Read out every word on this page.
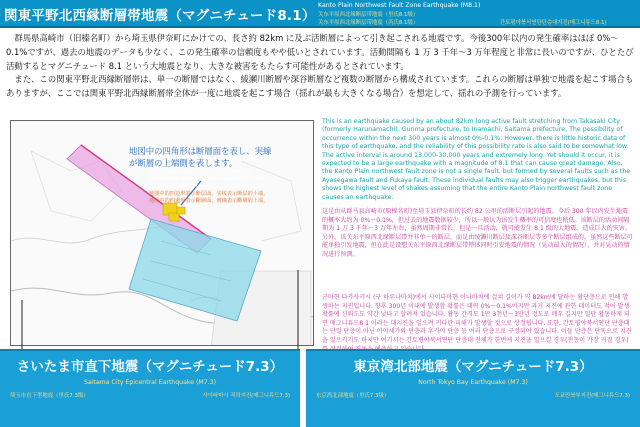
関東平野北西縁断層帯地震（マグニチュード8.1）
Kanto Plain Northwest Fault Zone Earthquake (M8.1)
关东平原西北缘断层带地震（里氏8.1级）
关东平原西北缘断层带地震（芮氏8.1级）	간토평야북서연단단층대지진(매그니튜드8.1)

群馬県高崎市（旧榛名町）から埼玉県伊奈町にかけての、長さ約 82km に及ぶ活断層によって引き起こされる地震です。今後300年以内の発生確率はほぼ 0%～0.1%ですが、過去の地震のデータも少なく、この発生確率の信頼度もやや低いとされています。活動間隔も 1 万 3 千年～3 万年程度と非常に長いのですが、ひとたび活動するとマグニチュード 8.1 という大地震となり、大きな被害をもたらす可能性があるとされています。

また、この関東平野北西縁断層帯は、単一の断層ではなく、綾瀬川断層や深谷断層など複数の断層から構成されています。これらの断層は単独で地震を起こす場合もありますが、ここでは関東平野北西縁断層帯全体が一度に地震を起こす場合（揺れが最も大きくなる場合）を想定して、揺れの予測を行っています。

地図中の四角形は断層面を表し、実線が断層の上端側を表します。
The squares in the map represent fault planes, and the solid lines represent the top section of the fault.
地图中的四边形表示断层面，实线表示断层的上端。 地図中的四邊形表示斷層面，實線表示斷層的上端。
This is an earthquake caused by an about 82km long active fault stretching from Takasaki City (formerly Harunamachi), Gunma prefecture, to Inamachi, Saitama prefecture. The possibility of occurrence within the next 300 years is almost 0%-0.1%. However, there is little historic data of this type of earthquake, and the reliability of this possibility rate is also said to be somewhat low. The active interval is around 13,000-30,000 years and extremely long. Yet should it occur, it is expected to be a large earthquake with a magnitude of 8.1 that can cause great damage. Also, the Kanto Plain northwest fault zone is not a single fault, but formed by several faults such as the Ayasegawa fault and Fukaya fault. These individual faults may also trigger earthquakes, but this shows the highest level of shakes assuming that the entire Kanto Plain northwest fault zone causes an earthquake.
这是由从群马县高崎市(原榛名町)至埼玉县伊奈町的长约 82 公里的活断层引起的地震。今后 300 年以内发生地震的概率大约为 0%～0.1%，但过去的地震数据较少，所以一般认为该发生概率的可信度也稍低。该断层的活动间隔期为 1 万 3 千年～3 万年左右，虽然周期非常长，但是一旦活动，就可能发生 8.1 级的大地震，造成巨大的灾害。另外，该关东平原西北缘断层带并非单一的断层，而是由绫濑川断层及深谷断层等多个断层组成的。虽然这些断层可能单独引发地震，但在此是设想关东平原西北缘断层带整体同时引发地震的情况（晃动最大的情况），并对晃动的情况进行预测。
군마현 다카사키시 (구 하루나마치)에서 사이타마현 이나마치에 걸쳐 길이가 약 82km에 달하는 활단층으로 인해 발생하는 지진입니다. 향후 300년 이내에 발생할 확률은 대략 0%～0.1%이지만 과거 지진에 관한 데이터도 적어 발생 확률에 신뢰도도 약간 낮다고 알려져 있습니다. 활동 간격도 1만 3천년～3만년 정도로 매우 길지만 일단 활동하게 되면 매그니튜드8.1 이라는 대지진을 일으켜 커다란 피해가 발생할 것으로 상정됩니다. 또한, 간토평야북서연단 단층대는 단일 단층이 아닌 아야세가와 단층과 후카야 단층 등 여러 단층으로 구성되어 있습니다. 이들 단층은 단독으로 지진을 일으키기도 하지만 여기서는 간토평야북서연단 단층대 전체가 한번에 지진을 일으킬 경우(진동이 가장 커질 경우)
さいたま市直下地震（マグニチュード7.3）
Saitama City Epicentral Earthquake (M7.3)
埼玉市直下型地震（里氏7.3级）	사이타마시 직하지진(매그니튜드7.3)
東京湾北部地震（マグニチュード7.3）
North Tokyo Bay Earthquake (M7.3)
东京湾北部地震（里氏7.3级）	도쿄만북부지진(매그니튜드7.3)
